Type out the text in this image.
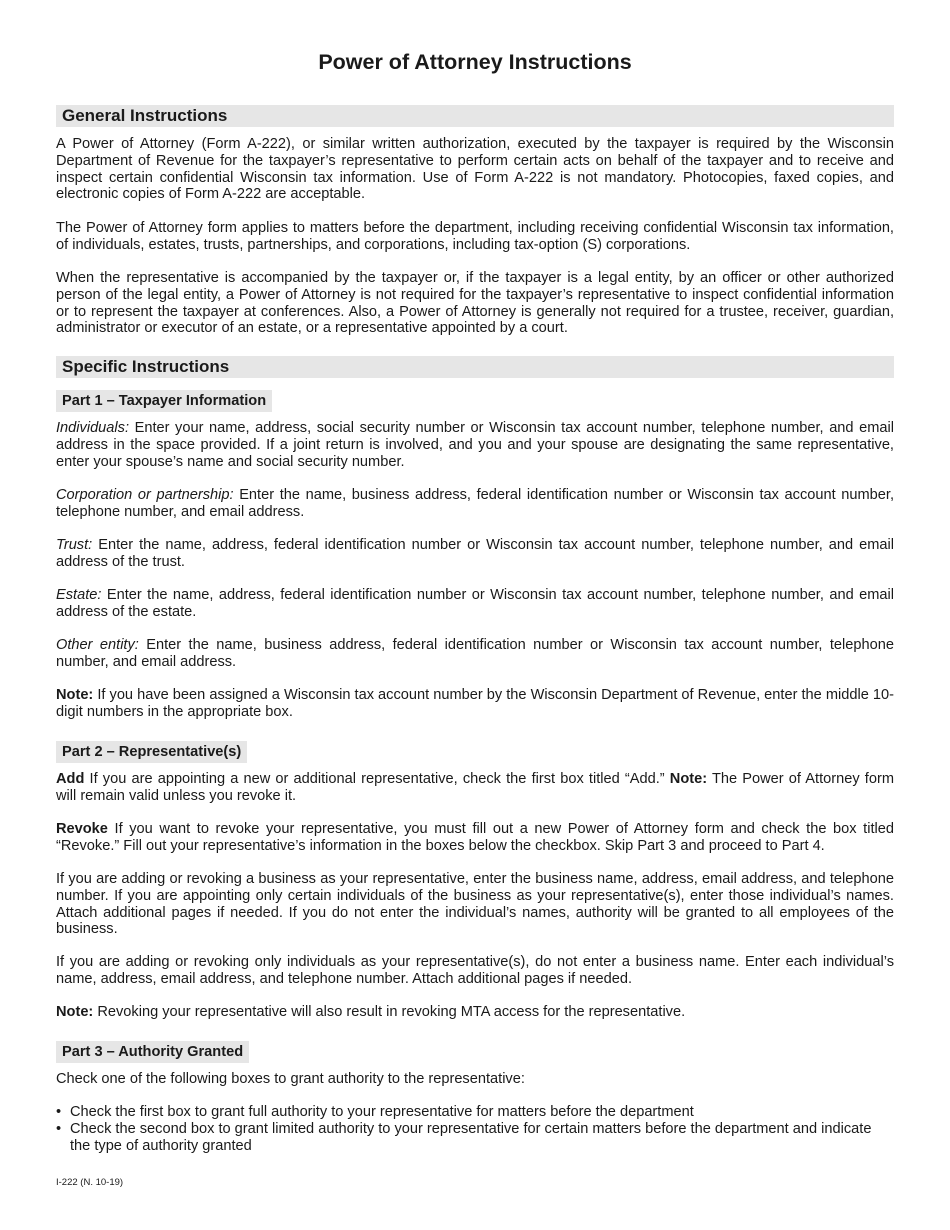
Power of Attorney Instructions
General Instructions

A Power of Attorney (Form A-222), or similar written authorization, executed by the taxpayer is required by the Wisconsin Department of Revenue for the taxpayer’s representative to perform certain acts on behalf of the taxpayer and to receive and inspect certain confidential Wisconsin tax information. Use of Form A-222 is not mandatory. Photocopies, faxed copies, and electronic copies of Form A-222 are acceptable.

The Power of Attorney form applies to matters before the department, including receiving confidential Wisconsin tax information, of individuals, estates, trusts, partnerships, and corporations, including tax-option (S) corporations.

When the representative is accompanied by the taxpayer or, if the taxpayer is a legal entity, by an officer or other authorized person of the legal entity, a Power of Attorney is not required for the taxpayer’s representative to inspect confidential information or to represent the taxpayer at conferences. Also, a Power of Attorney is generally not required for a trustee, receiver, guardian, administrator or executor of an estate, or a representative appointed by a court.

Specific Instructions
Part 1 – Taxpayer Information

Individuals: Enter your name, address, social security number or Wisconsin tax account number, telephone number, and email address in the space provided. If a joint return is involved, and you and your spouse are designating the same representative, enter your spouse’s name and social security number.

Corporation or partnership: Enter the name, business address, federal identification number or Wisconsin tax account number, telephone number, and email address.

Trust: Enter the name, address, federal identification number or Wisconsin tax account number, telephone number, and email address of the trust.

Estate: Enter the name, address, federal identification number or Wisconsin tax account number, telephone number, and email address of the estate.

Other entity: Enter the name, business address, federal identification number or Wisconsin tax account number, telephone number, and email address.

Note: If you have been assigned a Wisconsin tax account number by the Wisconsin Department of Revenue, enter the middle 10-digit numbers in the appropriate box.

Part 2 – Representative(s)

Add If you are appointing a new or additional representative, check the first box titled “Add.” Note: The Power of Attorney form will remain valid unless you revoke it.

Revoke If you want to revoke your representative, you must fill out a new Power of Attorney form and check the box titled “Revoke.” Fill out your representative’s information in the boxes below the checkbox. Skip Part 3 and proceed to Part 4.

If you are adding or revoking a business as your representative, enter the business name, address, email address, and telephone number. If you are appointing only certain individuals of the business as your representative(s), enter those individual’s names. Attach additional pages if needed. If you do not enter the individual’s names, authority will be granted to all employees of the business.

If you are adding or revoking only individuals as your representative(s), do not enter a business name. Enter each individual’s name, address, email address, and telephone number. Attach additional pages if needed.

Note: Revoking your representative will also result in revoking MTA access for the representative.

Part 3 – Authority Granted

Check one of the following boxes to grant authority to the representative:

• Check the first box to grant full authority to your representative for matters before the department
• Check the second box to grant limited authority to your representative for certain matters before the department and indicate the type of authority granted

I-222 (N. 10-19)
